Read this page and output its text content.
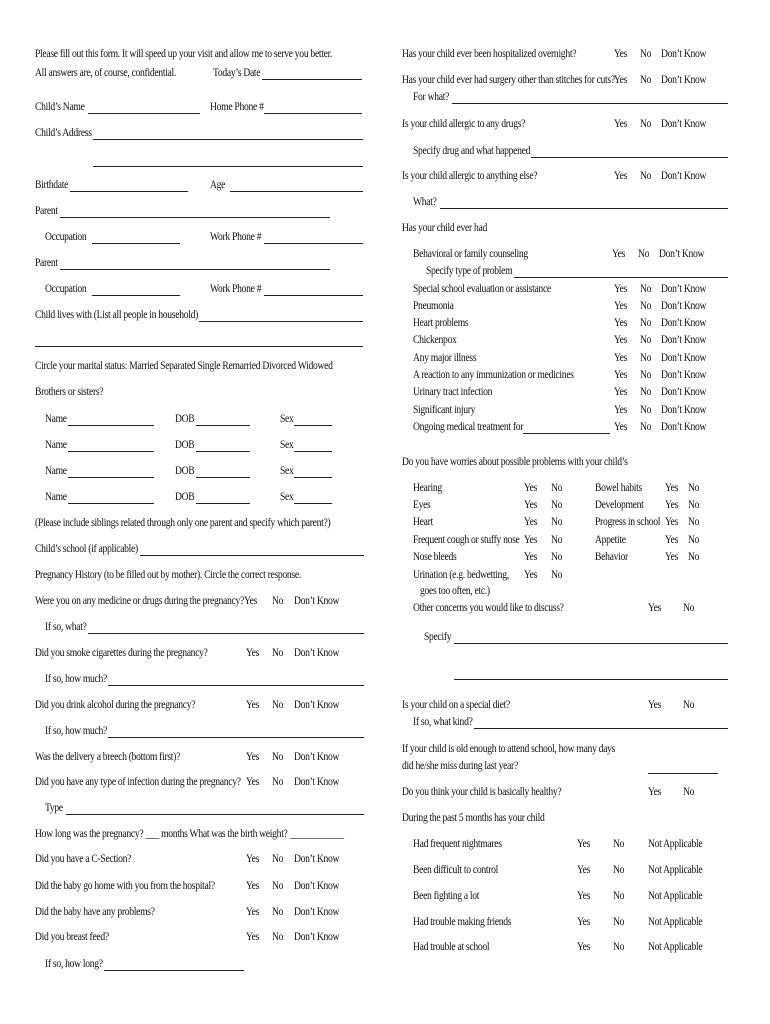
Please fill out this form. It will speed up your visit and allow me to serve you better.
All answers are, of course, confidential.	Today’s Date
Child’s Name	Home Phone #
Child’s Address
Birthdate	Age
Parent
Occupation	Work Phone #
Parent
Occupation	Work Phone #
Child lives with (List all people in household)
Circle your marital status: Married Separated Single Remarried Divorced Widowed
Brothers or sisters?
Name	DOB	Sex
Name	DOB	Sex
Name	DOB	Sex
Name	DOB	Sex
(Please include siblings related through only one parent and specify which parent?)
Child’s school (if applicable)
Pregnancy History (to be filled out by mother). Circle the correct response.
Were you on any medicine or drugs during the pregnancy? Yes No Don’t Know
If so, what?
Did you smoke cigarettes during the pregnancy?	Yes No Don’t Know
If so, how much?
Did you drink alcohol during the pregnancy?	Yes No Don’t Know
If so, how much?
Was the delivery a breech (bottom first)?	Yes No Don’t Know
Did you have any type of infection during the pregnancy? Yes No Don’t Know
Type
How long was the pregnancy? ___ months What was the birth weight? ____________
Did you have a C-Section?	Yes No Don’t Know
Did the baby go home with you from the hospital?	Yes No Don’t Know
Did the baby have any problems?	Yes No Don’t Know
Did you breast feed?	Yes No Don’t Know
If so, how long?
Has your child ever been hospitalized overnight?	Yes No Don’t Know
Has your child ever had surgery other than stitches for cuts? Yes No Don’t Know
For what?
Is your child allergic to any drugs?	Yes No Don’t Know
Specify drug and what happened
Is your child allergic to anything else?	Yes No Don’t Know
What?
Has your child ever had
Behavioral or family counseling	Yes No Don’t Know
Specify type of problem
Special school evaluation or assistance	Yes No Don’t Know
Pneumonia	Yes No Don’t Know
Heart problems	Yes No Don’t Know
Chickenpox	Yes No Don’t Know
Any major illness	Yes No Don’t Know
A reaction to any immunization or medicines	Yes No Don’t Know
Urinary tract infection	Yes No Don’t Know
Significant injury	Yes No Don’t Know
Ongoing medical treatment for	Yes No Don’t Know
Do you have worries about possible problems with your child’s
Hearing	Yes No
Eyes	Yes No
Heart	Yes No
Frequent cough or stuffy nose Yes No
Nose bleeds	Yes No
Urination (e.g. bedwetting, Yes No
goes too often, etc.)
Bowel habits Yes No
Development Yes No
Progress in school Yes No
Appetite	Yes No
Behavior	Yes No
Other concerns you would like to discuss?	Yes No
Specify
Is your child on a special diet?	Yes No
If so, what kind?
If your child is old enough to attend school, how many days
did he/she miss during last year?
Do you think your child is basically healthy?	Yes No
During the past 5 months has your child
Had frequent nightmares	Yes No Not Applicable
Been difficult to control	Yes No Not Applicable
Been fighting a lot	Yes No Not Applicable
Had trouble making friends	Yes No Not Applicable
Had trouble at school	Yes No Not Applicable
